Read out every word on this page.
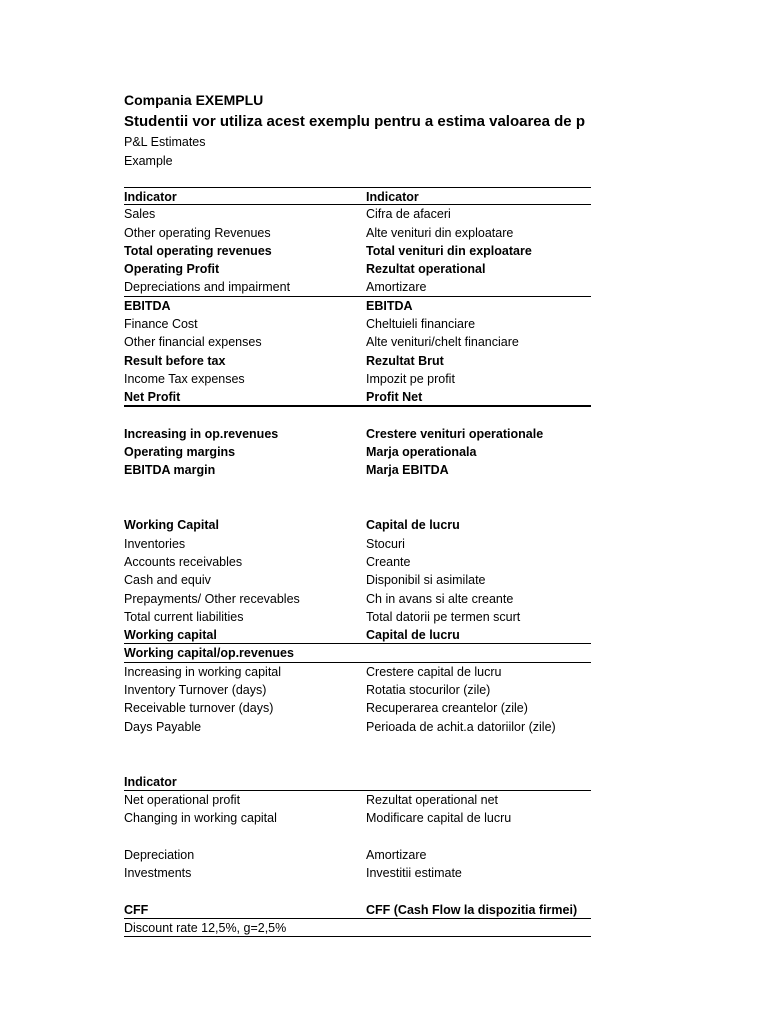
Compania EXEMPLU
Studentii vor utiliza acest exemplu pentru a estima valoarea de p
P&L Estimates
Example
Indicator	Indicator
Sales	Cifra de afaceri
Other operating Revenues	Alte venituri din exploatare
Total operating revenues	Total venituri din exploatare
Operating Profit	Rezultat operational
Depreciations and impairment	Amortizare
EBITDA	EBITDA
Finance Cost	Cheltuieli financiare
Other financial expenses	Alte venituri/chelt financiare
Result before tax	Rezultat Brut
Income Tax expenses	Impozit pe profit
Net Profit	Profit Net
Increasing in op.revenues	Crestere venituri operationale
Operating margins	Marja operationala
EBITDA margin	Marja EBITDA
Working Capital	Capital de lucru
Inventories	Stocuri
Accounts receivables	Creante
Cash and equiv	Disponibil si asimilate
Prepayments/ Other recevables	Ch in avans si alte creante
Total current liabilities	Total datorii pe termen scurt
Working capital	Capital de lucru
Working capital/op.revenues
Increasing in working capital	Crestere capital de lucru
Inventory Turnover (days)	Rotatia stocurilor (zile)
Receivable turnover (days)	Recuperarea creantelor (zile)
Days Payable	Perioada de achit.a datoriilor (zile)
Indicator
Net operational profit	Rezultat operational net
Changing in working capital	Modificare capital de lucru
Depreciation	Amortizare
Investments	Investitii estimate
CFF	CFF (Cash Flow la dispozitia firmei)
Discount rate 12,5%, g=2,5%
